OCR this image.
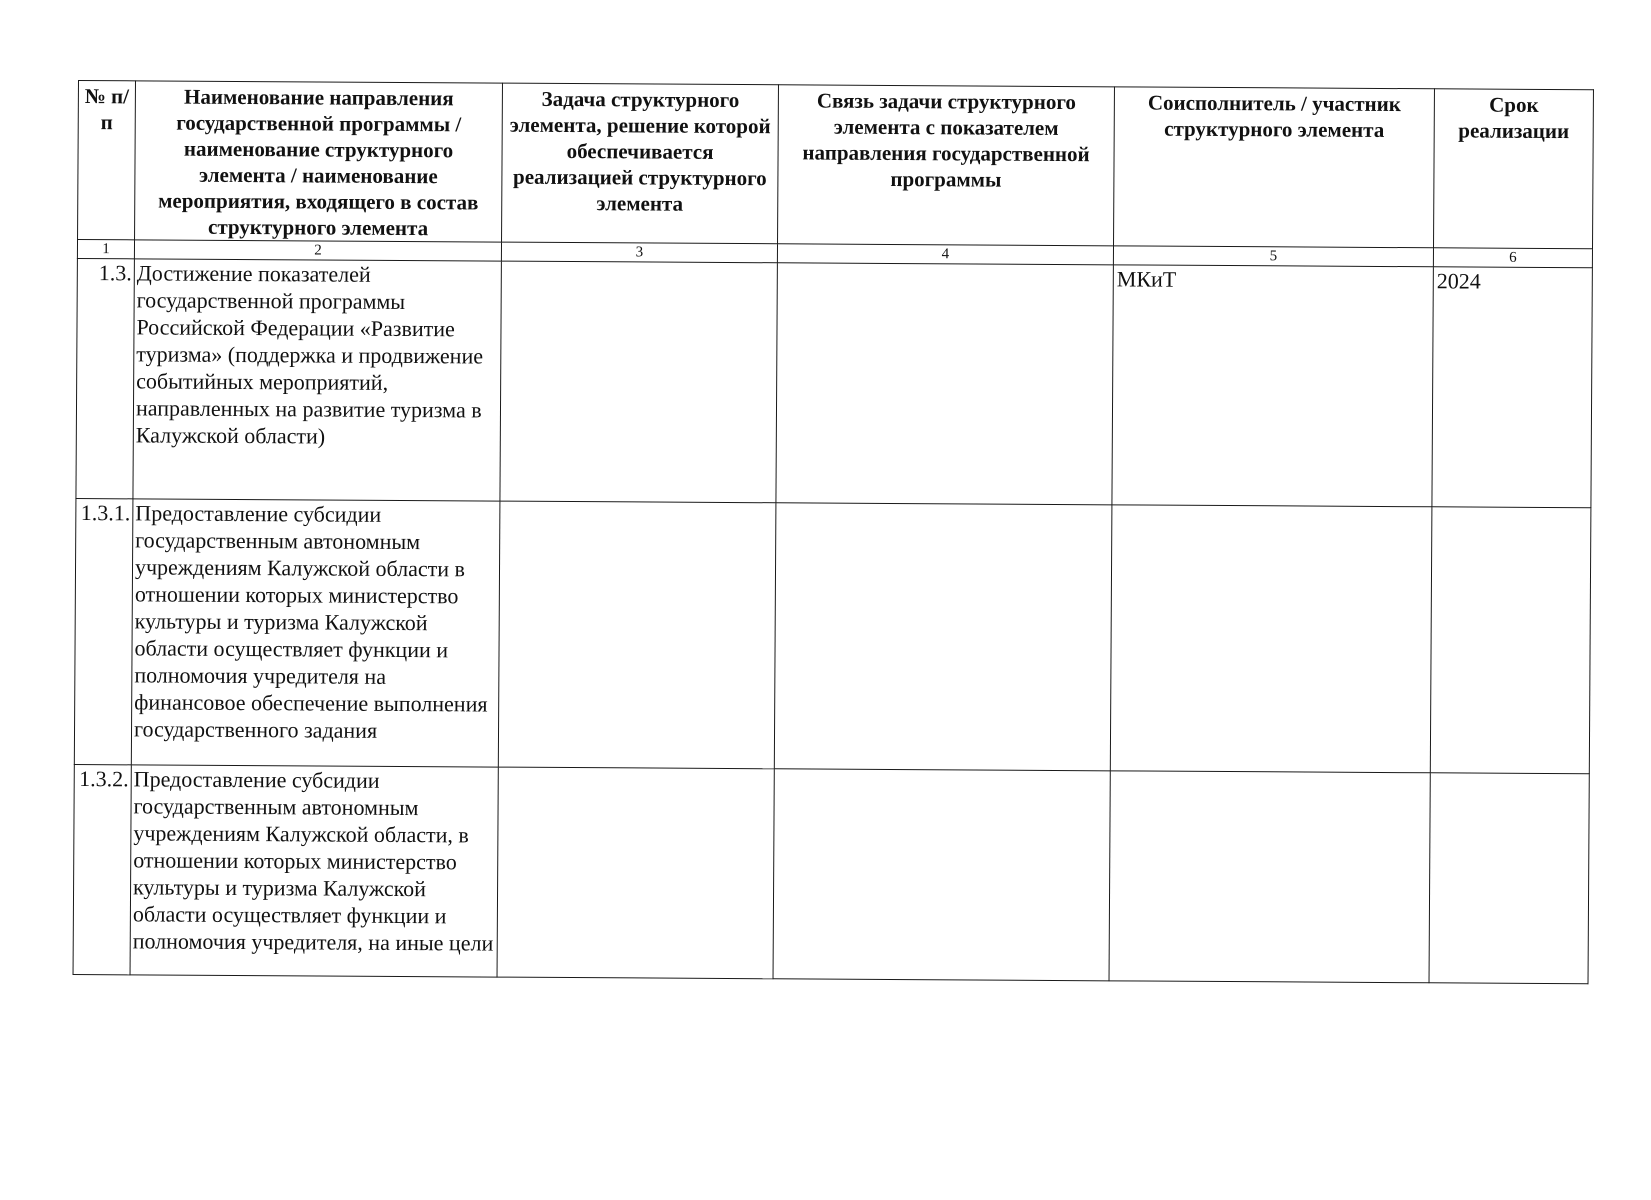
№ п/п	Наименование направления государственной программы / наименование структурного элемента / наименование мероприятия, входящего в состав структурного элемента	Задача структурного элемента, решение которой обеспечивается реализацией структурного элемента	Связь задачи структурного элемента с показателем направления государственной программы	Соисполнитель / участник структурного элемента	Срок реализации
1	2	3	4	5	6
1.3.	Достижение показателей государственной программы Российской Федерации «Развитие туризма» (поддержка и продвижение событийных мероприятий, направленных на развитие туризма в Калужской области)			МКиТ	2024
1.3.1.	Предоставление субсидии государственным автономным учреждениям Калужской области в отношении которых министерство культуры и туризма Калужской области осуществляет функции и полномочия учредителя на финансовое обеспечение выполнения государственного задания				
1.3.2.	Предоставление субсидии государственным автономным учреждениям Калужской области, в отношении которых министерство культуры и туризма Калужской области осуществляет функции и полномочия учредителя, на иные цели				
